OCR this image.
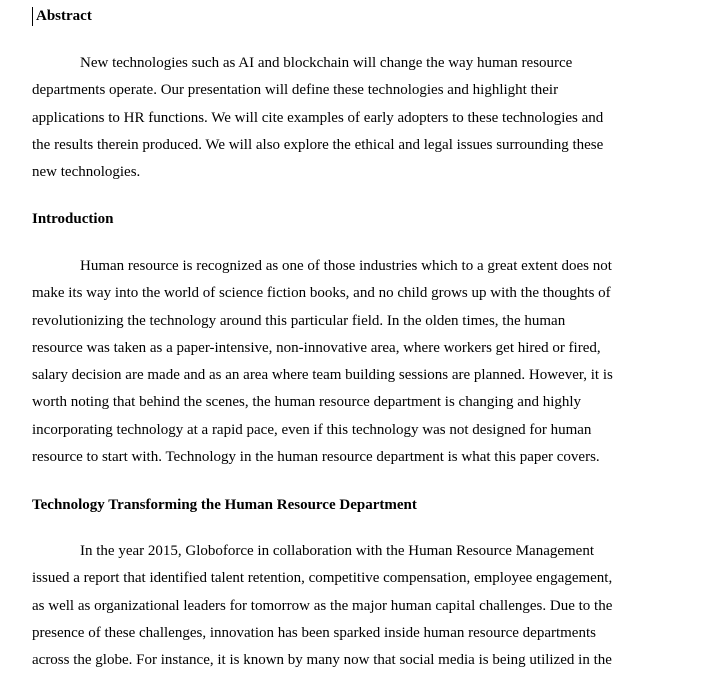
Abstract

New technologies such as AI and blockchain will change the way human resource
departments operate. Our presentation will define these technologies and highlight their
applications to HR functions. We will cite examples of early adopters to these technologies and
the results therein produced. We will also explore the ethical and legal issues surrounding these
new technologies.

Introduction

Human resource is recognized as one of those industries which to a great extent does not
make its way into the world of science fiction books, and no child grows up with the thoughts of
revolutionizing the technology around this particular field. In the olden times, the human
resource was taken as a paper-intensive, non-innovative area, where workers get hired or fired,
salary decision are made and as an area where team building sessions are planned. However, it is
worth noting that behind the scenes, the human resource department is changing and highly
incorporating technology at a rapid pace, even if this technology was not designed for human
resource to start with. Technology in the human resource department is what this paper covers.

Technology Transforming the Human Resource Department

In the year 2015, Globoforce in collaboration with the Human Resource Management
issued a report that identified talent retention, competitive compensation, employee engagement,
as well as organizational leaders for tomorrow as the major human capital challenges. Due to the
presence of these challenges, innovation has been sparked inside human resource departments
across the globe. For instance, it is known by many now that social media is being utilized in the
